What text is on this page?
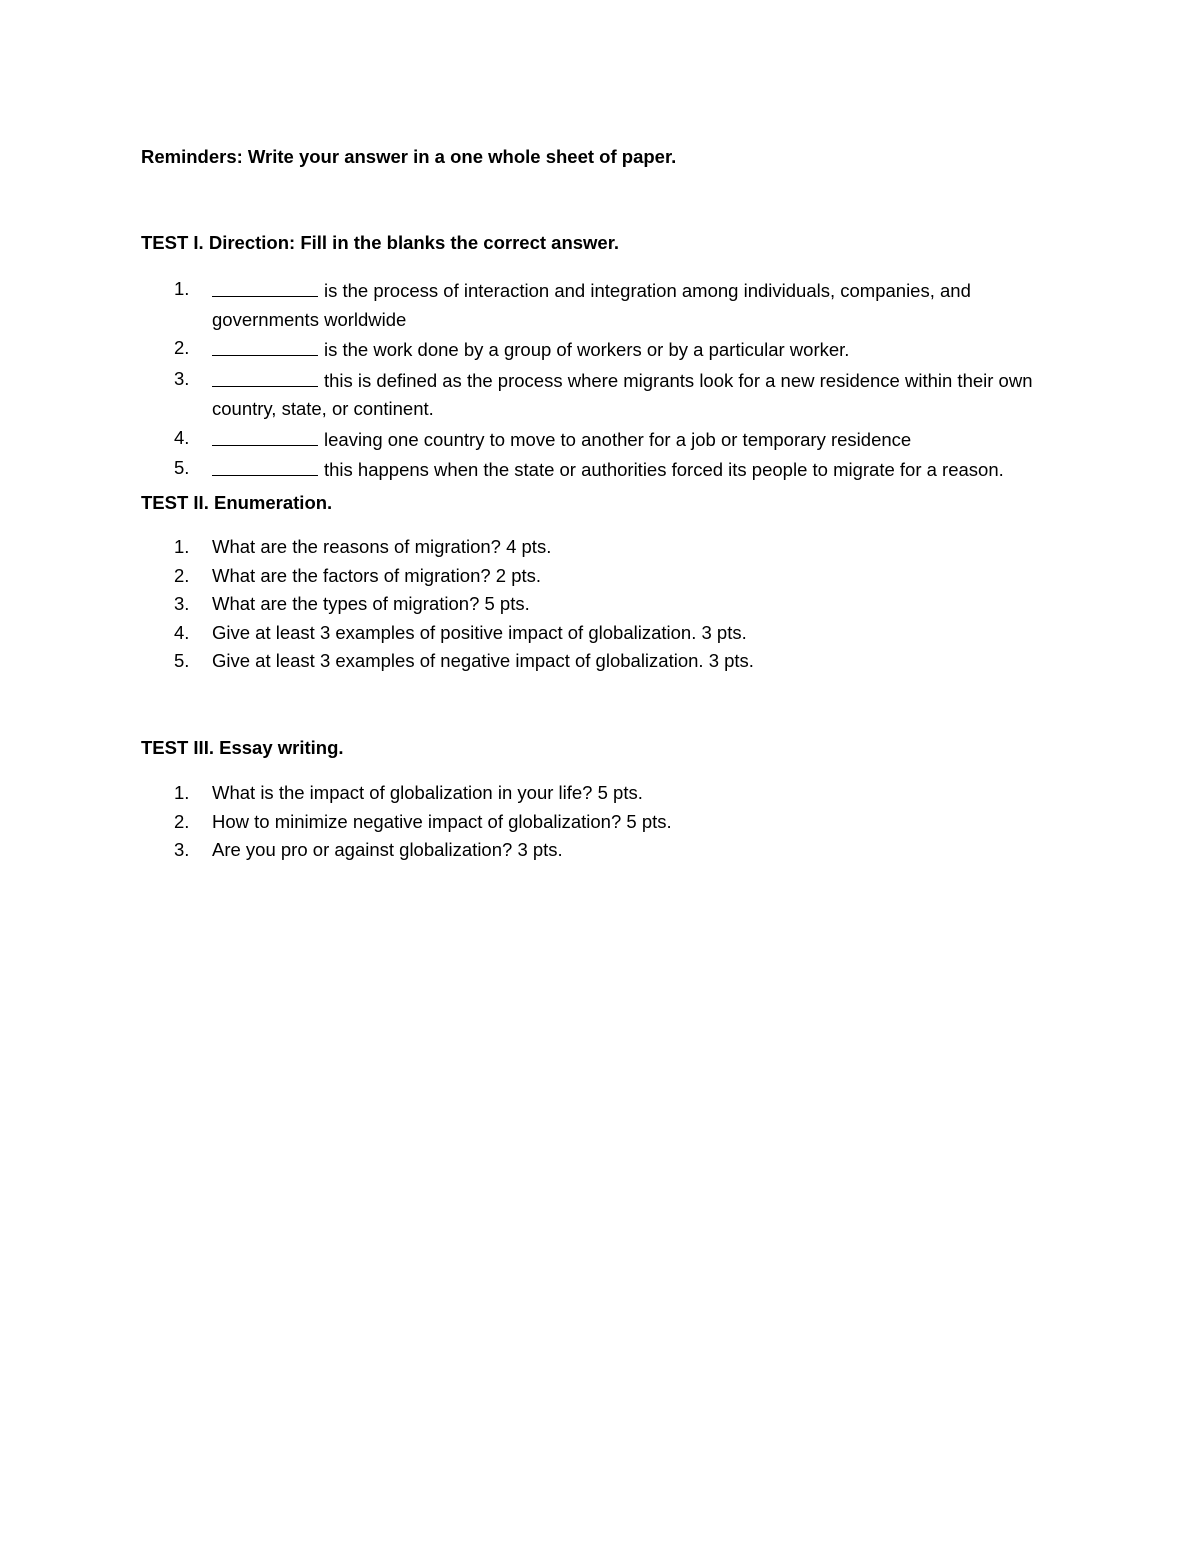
Reminders: Write your answer in a one whole sheet of paper.
TEST I. Direction: Fill in the blanks the correct answer.
1.	is the process of interaction and integration among individuals, companies, and governments worldwide
2.	is the work done by a group of workers or by a particular worker.
3.	this is defined as the process where migrants look for a new residence within their own country, state, or continent.
4.	leaving one country to move to another for a job or temporary residence
5.	this happens when the state or authorities forced its people to migrate for a reason.
TEST II. Enumeration.
1. What are the reasons of migration? 4 pts.
2. What are the factors of migration? 2 pts.
3. What are the types of migration? 5 pts.
4. Give at least 3 examples of positive impact of globalization. 3 pts.
5. Give at least 3 examples of negative impact of globalization. 3 pts.
TEST III. Essay writing.
1. What is the impact of globalization in your life? 5 pts.
2. How to minimize negative impact of globalization? 5 pts.
3. Are you pro or against globalization? 3 pts.
